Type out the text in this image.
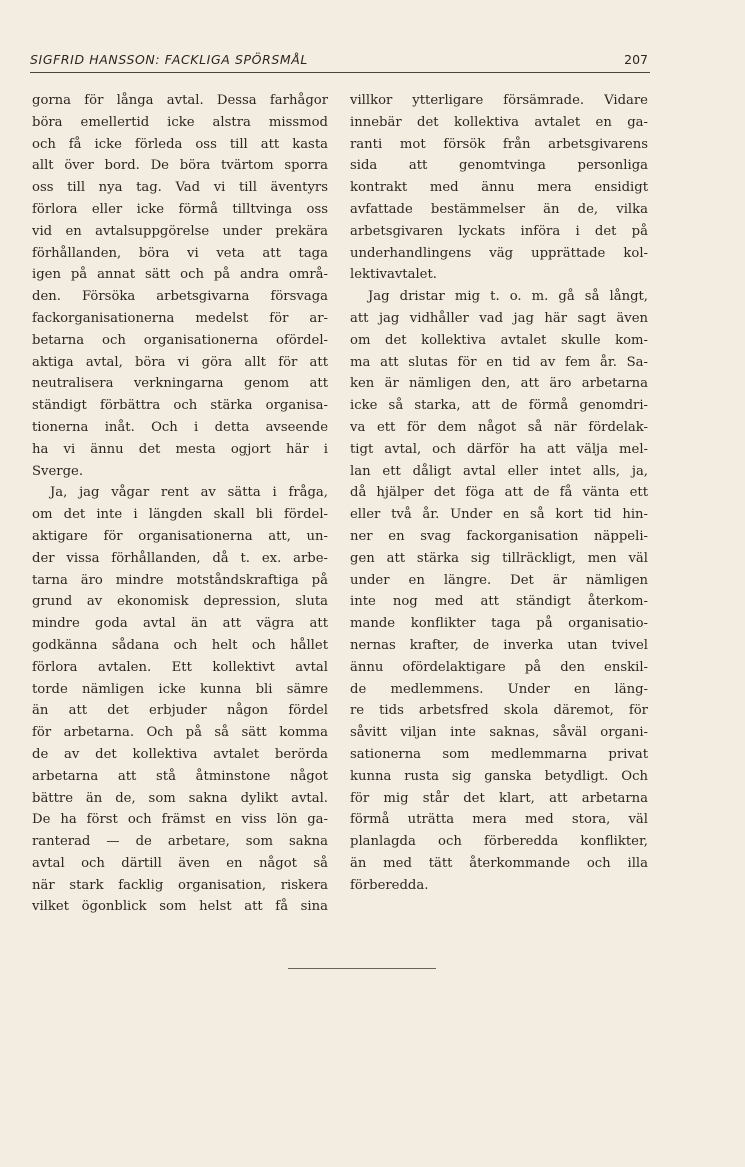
SIGFRID HANSSON: FACKLIGA SPÖRSMÅL	207
gorna för långa avtal. Dessa farhågor
böra emellertid icke alstra missmod
och få icke förleda oss till att kasta
allt över bord. De böra tvärtom sporra
oss till nya tag. Vad vi till äventyrs
förlora eller icke förmå tilltvinga oss
vid en avtalsuppgörelse under prekära
förhållanden, böra vi veta att taga
igen på annat sätt och på andra områ-
den. Försöka arbetsgivarna försvaga
fackorganisationerna medelst för ar-
betarna och organisationerna ofördel-
aktiga avtal, böra vi göra allt för att
neutralisera verkningarna genom att
ständigt förbättra och stärka organisa-
tionerna inåt. Och i detta avseende
ha vi ännu det mesta ogjort här i
Sverge.
Ja, jag vågar rent av sätta i fråga,
om det inte i längden skall bli fördel-
aktigare för organisationerna att, un-
der vissa förhållanden, då t. ex. arbe-
tarna äro mindre motståndskraftiga på
grund av ekonomisk depression, sluta
mindre goda avtal än att vägra att
godkänna sådana och helt och hållet
förlora avtalen. Ett kollektivt avtal
torde nämligen icke kunna bli sämre
än att det erbjuder någon fördel
för arbetarna. Och på så sätt komma
de av det kollektiva avtalet berörda
arbetarna att stå åtminstone något
bättre än de, som sakna dylikt avtal.
De ha först och främst en viss lön ga-
ranterad — de arbetare, som sakna
avtal och därtill även en något så
när stark facklig organisation, riskera
vilket ögonblick som helst att få sina
villkor ytterligare försämrade. Vidare
innebär det kollektiva avtalet en ga-
ranti mot försök från arbetsgivarens
sida att genomtvinga personliga
kontrakt med ännu mera ensidigt
avfattade bestämmelser än de, vilka
arbetsgivaren lyckats införa i det på
underhandlingens väg upprättade kol-
lektivavtalet.
Jag dristar mig t. o. m. gå så långt,
att jag vidhåller vad jag här sagt även
om det kollektiva avtalet skulle kom-
ma att slutas för en tid av fem år. Sa-
ken är nämligen den, att äro arbetarna
icke så starka, att de förmå genomdri-
va ett för dem något så när fördelak-
tigt avtal, och därför ha att välja mel-
lan ett dåligt avtal eller intet alls, ja,
då hjälper det föga att de få vänta ett
eller två år. Under en så kort tid hin-
ner en svag fackorganisation näppeli-
gen att stärka sig tillräckligt, men väl
under en längre. Det är nämligen
inte nog med att ständigt återkom-
mande konflikter taga på organisatio-
nernas krafter, de inverka utan tvivel
ännu ofördelaktigare på den enskil-
de medlemmens. Under en läng-
re tids arbetsfred skola däremot, för
såvitt viljan inte saknas, såväl organi-
sationerna som medlemmarna privat
kunna rusta sig ganska betydligt. Och
för mig står det klart, att arbetarna
förmå uträtta mera med stora, väl
planlagda och förberedda konflikter,
än med tätt återkommande och illa
förberedda.
